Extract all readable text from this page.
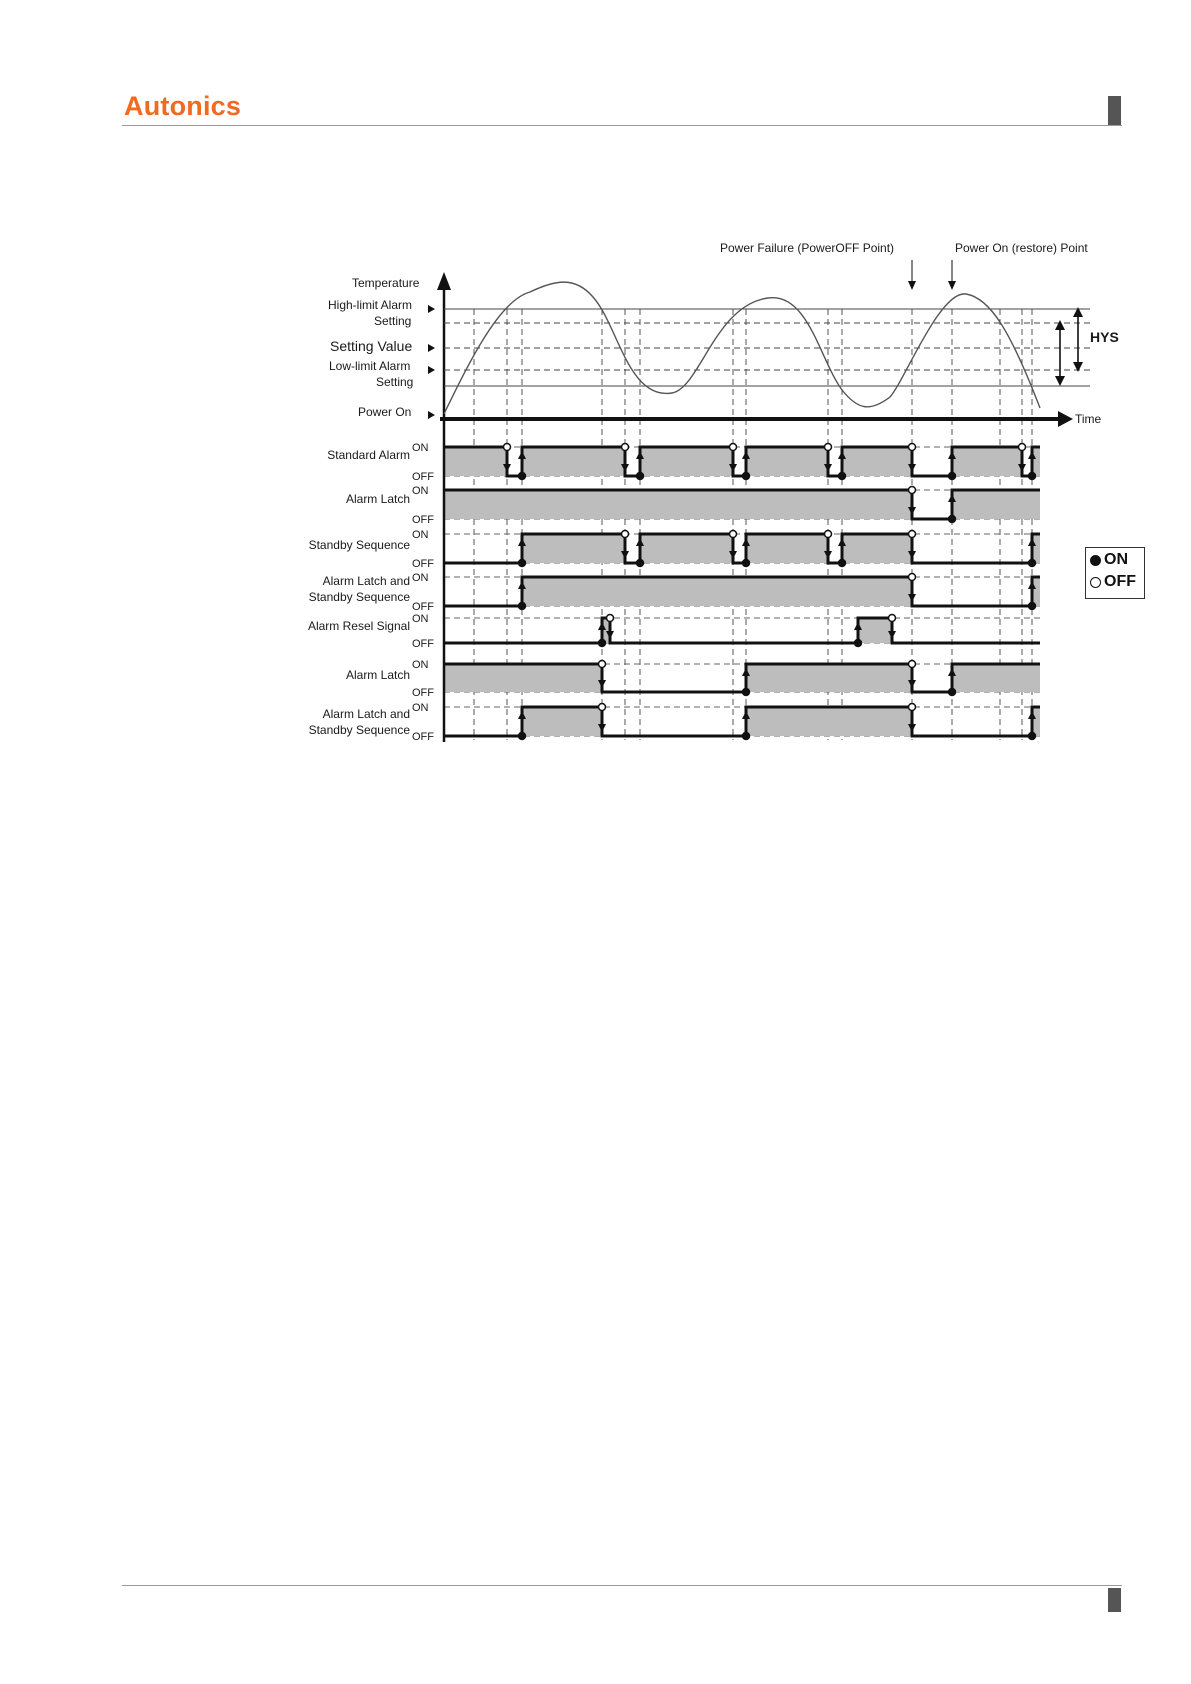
Autonics
HYS
Power Failure (PowerOFF Point)	Power On (restore) Point
Time
Temperature
High-limit Alarm
Setting
Setting Value
Low-limit Alarm
Setting
Power On
Standard Alarm ON
OFF
Alarm Latch
ON
OFF
Standby Sequence
ON
OFF
Alarm Latch and
Standby Sequence
ON
OFF
Alarm Resel Signal ON
OFF
Alarm Latch
ON
OFF
Alarm Latch and
Standby Sequence
ON
OFF
ON
OFF
